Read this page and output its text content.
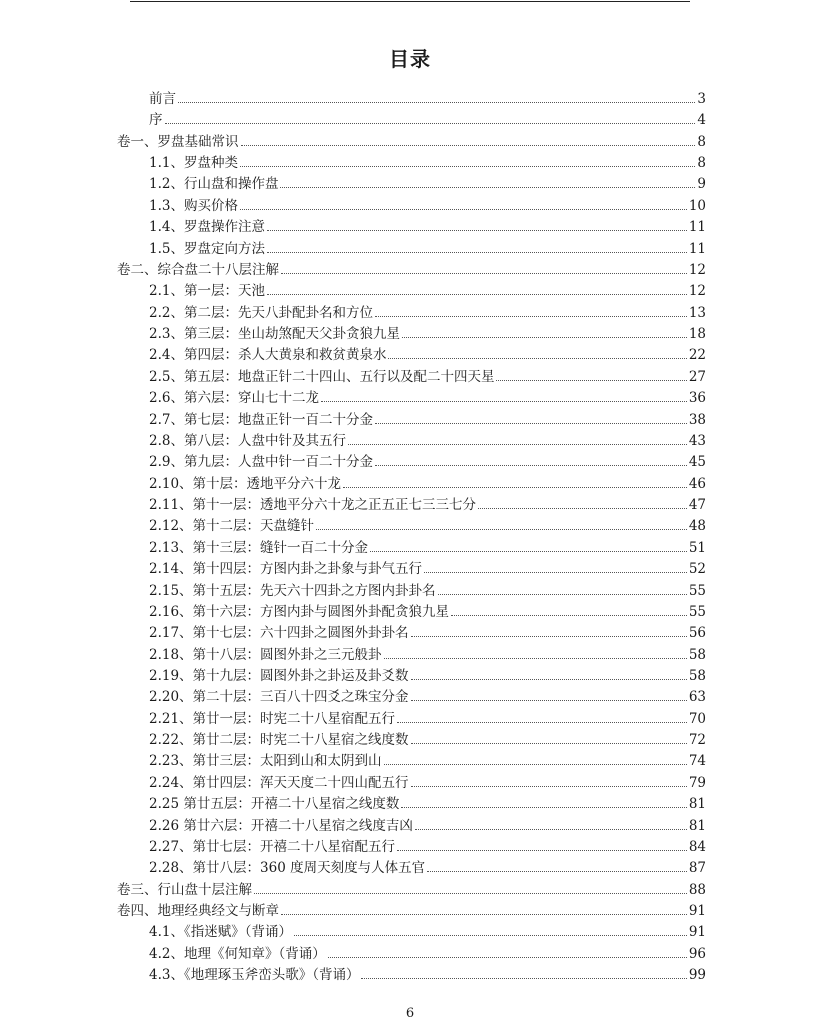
目录
前言	3
序	4
卷一、罗盘基础常识	8
1.1、罗盘种类	8
1.2、行山盘和操作盘	9
1.3、购买价格	10
1.4、罗盘操作注意	11
1.5、罗盘定向方法	11
卷二、综合盘二十八层注解	12
2.1、第一层：天池	12
2.2、第二层：先天八卦配卦名和方位	13
2.3、第三层：坐山劫煞配天父卦贪狼九星	18
2.4、第四层：杀人大黄泉和救贫黄泉水	22
2.5、第五层：地盘正针二十四山、五行以及配二十四天星	27
2.6、第六层：穿山七十二龙	36
2.7、第七层：地盘正针一百二十分金	38
2.8、第八层：人盘中针及其五行	43
2.9、第九层：人盘中针一百二十分金	45
2.10、第十层：透地平分六十龙	46
2.11、第十一层：透地平分六十龙之正五正七三三七分	47
2.12、第十二层：天盘缝针	48
2.13、第十三层：缝针一百二十分金	51
2.14、第十四层：方图内卦之卦象与卦气五行	52
2.15、第十五层：先天六十四卦之方图内卦卦名	55
2.16、第十六层：方图内卦与圆图外卦配贪狼九星	55
2.17、第十七层：六十四卦之圆图外卦卦名	56
2.18、第十八层：圆图外卦之三元般卦	58
2.19、第十九层：圆图外卦之卦运及卦爻数	58
2.20、第二十层：三百八十四爻之珠宝分金	63
2.21、第廿一层：时宪二十八星宿配五行	70
2.22、第廿二层：时宪二十八星宿之线度数	72
2.23、第廿三层：太阳到山和太阴到山	74
2.24、第廿四层：浑天天度二十四山配五行	79
2.25 第廿五层：开禧二十八星宿之线度数	81
2.26 第廿六层：开禧二十八星宿之线度吉凶	81
2.27、第廿七层：开禧二十八星宿配五行	84
2.28、第廿八层：360 度周天刻度与人体五官	87
卷三、行山盘十层注解	88
卷四、地理经典经文与断章	91
4.1、《指迷赋》（背诵）	91
4.2、地理《何知章》（背诵）	96
4.3、《地理琢玉斧峦头歌》（背诵）	99
6
